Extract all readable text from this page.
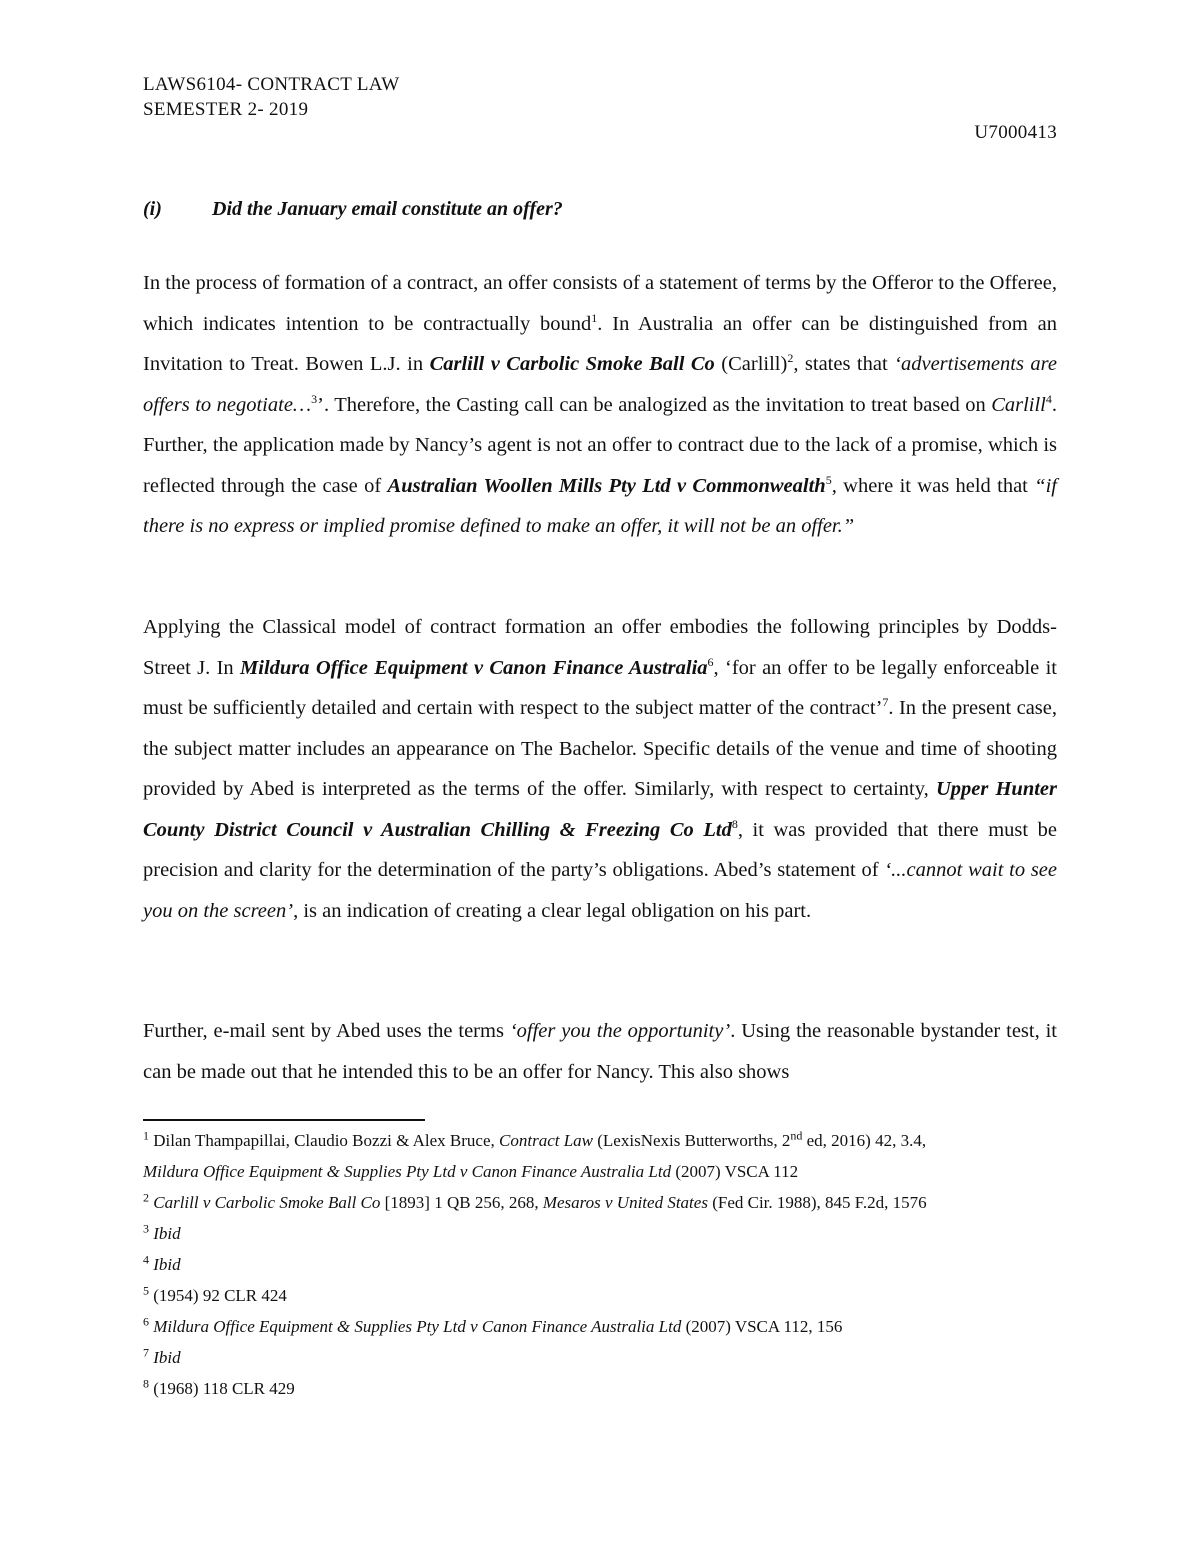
LAWS6104- CONTRACT LAW
SEMESTER 2- 2019
U7000413
(i)	Did the January email constitute an offer?

In the process of formation of a contract, an offer consists of a statement of terms by the Offeror to the Offeree, which indicates intention to be contractually bound$^1$. In Australia an offer can be distinguished from an Invitation to Treat. Bowen L.J. in Carlill v Carbolic Smoke Ball Co (Carlill)$^2$, states that ‘advertisements are offers to negotiate…$^3$’. Therefore, the Casting call can be analogized as the invitation to treat based on Carlill$^4$. Further, the application made by Nancy’s agent is not an offer to contract due to the lack of a promise, which is reflected through the case of Australian Woollen Mills Pty Ltd v Commonwealth$^5$, where it was held that “if there is no express or implied promise defined to make an offer, it will not be an offer.”

Applying the Classical model of contract formation an offer embodies the following principles by Dodds- Street J. In Mildura Office Equipment v Canon Finance Australia$^6$, ‘for an offer to be legally enforceable it must be sufficiently detailed and certain with respect to the subject matter of the contract’$^7$. In the present case, the subject matter includes an appearance on The Bachelor. Specific details of the venue and time of shooting provided by Abed is interpreted as the terms of the offer. Similarly, with respect to certainty, Upper Hunter County District Council v Australian Chilling & Freezing Co Ltd$^8$, it was provided that there must be precision and clarity for the determination of the party’s obligations. Abed’s statement of ‘...cannot wait to see you on the screen’, is an indication of creating a clear legal obligation on his part.

Further, e-mail sent by Abed uses the terms ‘offer you the opportunity’. Using the reasonable bystander test, it can be made out that he intended this to be an offer for Nancy. This also shows

$^1$ Dilan Thampapillai, Claudio Bozzi & Alex Bruce, Contract Law (LexisNexis Butterworths, 2nd ed, 2016) 42, 3.4,
Mildura Office Equipment & Supplies Pty Ltd v Canon Finance Australia Ltd (2007) VSCA 112

$^2$ Carlill v Carbolic Smoke Ball Co [1893] 1 QB 256, 268, Mesaros v United States (Fed Cir. 1988), 845 F.2d, 1576

$^3$ Ibid

$^4$ Ibid

$^5$ (1954) 92 CLR 424

$^6$ Mildura Office Equipment & Supplies Pty Ltd v Canon Finance Australia Ltd (2007) VSCA 112, 156

$^7$ Ibid

$^8$ (1968) 118 CLR 429
